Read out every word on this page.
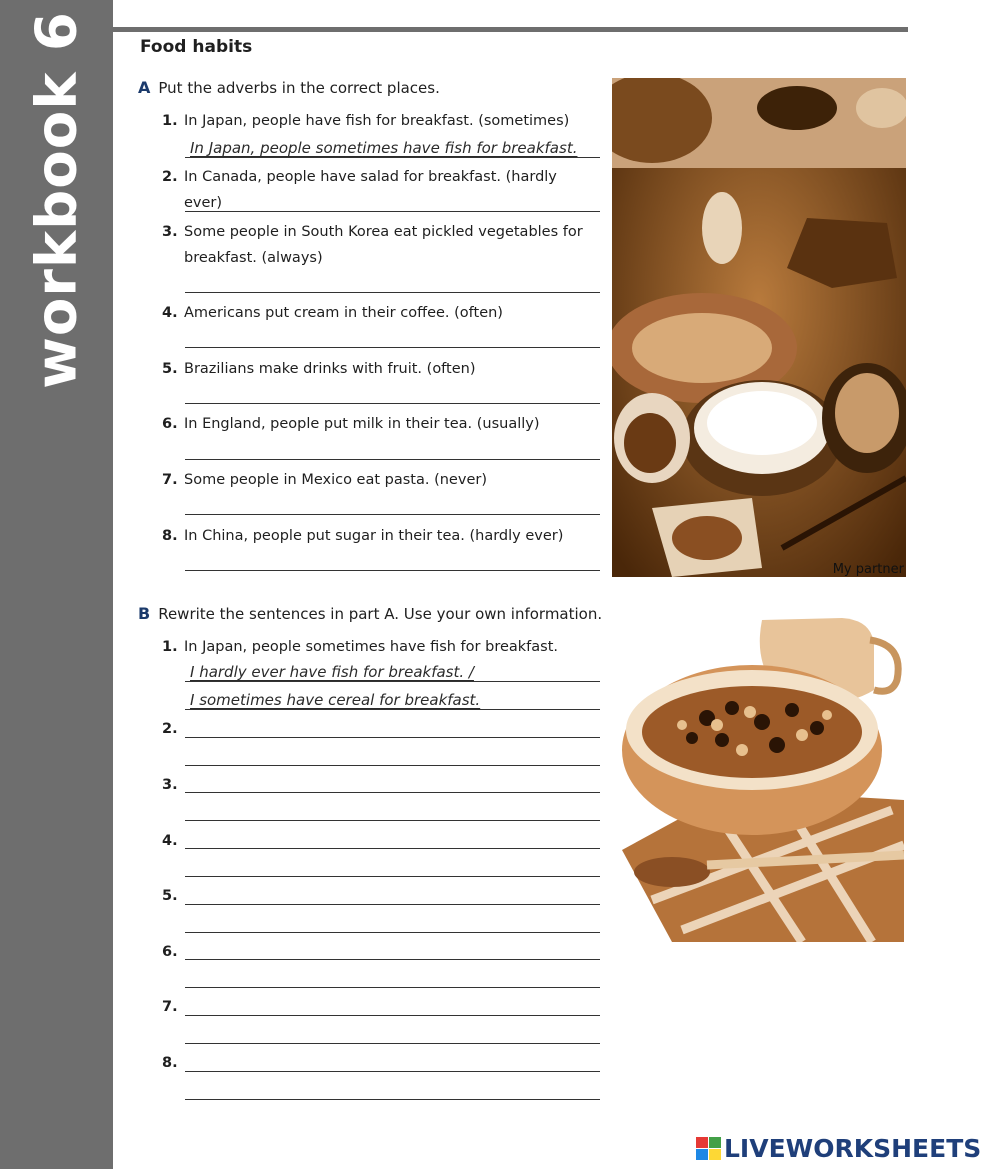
workbook 6	Food habits
A Put the adverbs in the correct places.
1. In Japan, people have fish for breakfast. (sometimes)
In Japan, people sometimes have fish for breakfast.
2. In Canada, people have salad for breakfast. (hardly ever)
3. Some people in South Korea eat pickled vegetables for breakfast. (always)
4. Americans put cream in their coffee. (often)
5. Brazilians make drinks with fruit. (often)
6. In England, people put milk in their tea. (usually)
7. Some people in Mexico eat pasta. (never)
8. In China, people put sugar in their tea. (hardly ever)
My partner
B Rewrite the sentences in part A. Use your own information.
1. In Japan, people sometimes have fish for breakfast.
I hardly ever have fish for breakfast. /
I sometimes have cereal for breakfast.
2.
3.
4.
5.
6.
7.
8.
LIVEWORKSHEETS
